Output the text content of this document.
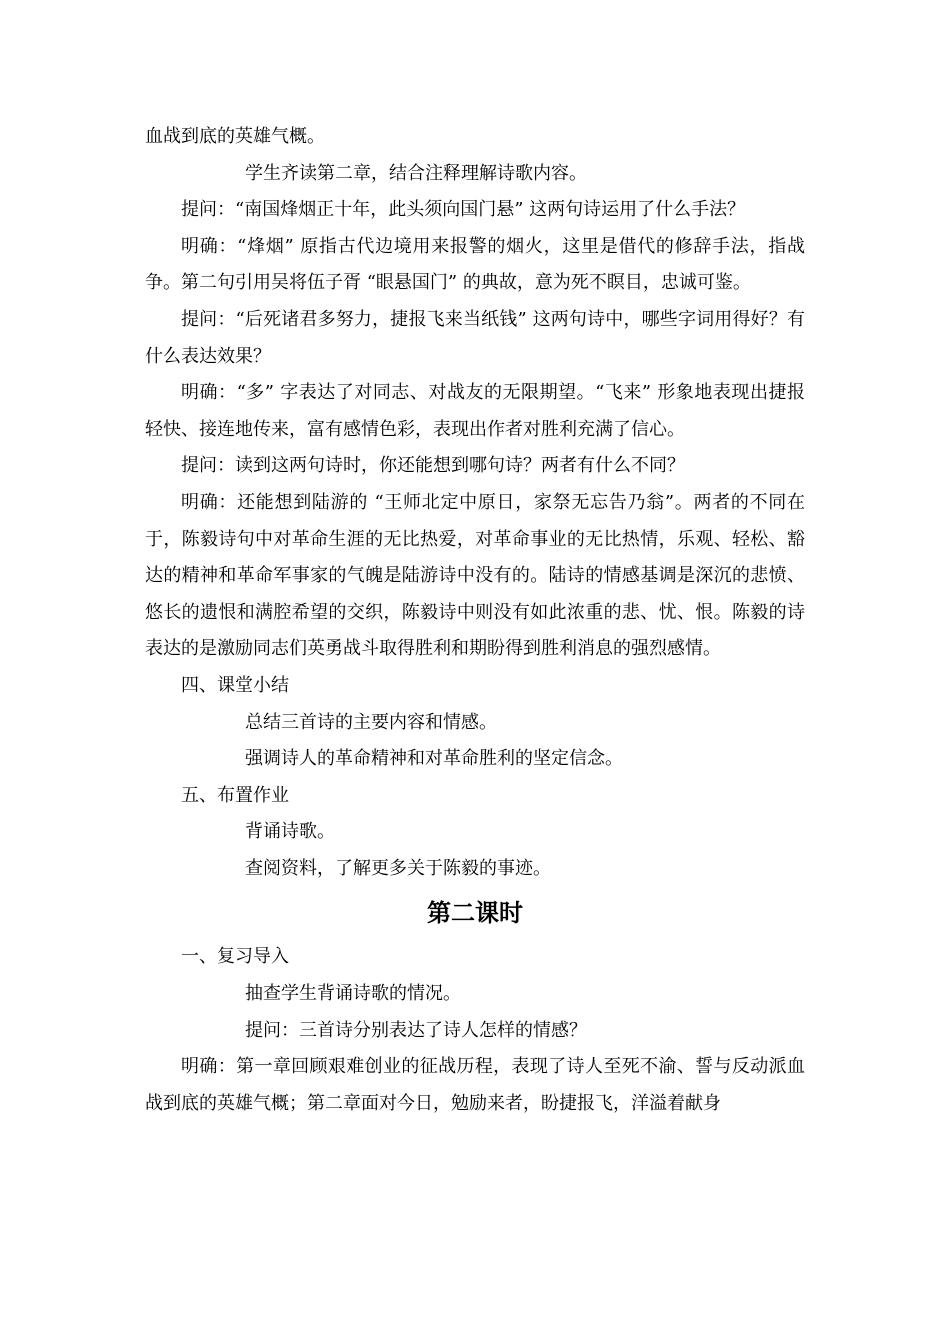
血战到底的英雄气概。

学生齐读第二章，结合注释理解诗歌内容。

提问：“南国烽烟正十年，此头须向国门悬” 这两句诗运用了什么手法？

明确：“烽烟” 原指古代边境用来报警的烟火，这里是借代的修辞手法，指战争。第二句引用吴将伍子胥 “眼悬国门” 的典故，意为死不瞑目，忠诚可鉴。

提问：“后死诸君多努力，捷报飞来当纸钱” 这两句诗中，哪些字词用得好？有什么表达效果？

明确：“多” 字表达了对同志、对战友的无限期望。“飞来” 形象地表现出捷报轻快、接连地传来，富有感情色彩，表现出作者对胜利充满了信心。

提问：读到这两句诗时，你还能想到哪句诗？两者有什么不同？

明确：还能想到陆游的 “王师北定中原日，家祭无忘告乃翁”。两者的不同在于，陈毅诗句中对革命生涯的无比热爱，对革命事业的无比热情，乐观、轻松、豁达的精神和革命军事家的气魄是陆游诗中没有的。陆诗的情感基调是深沉的悲愤、悠长的遗恨和满腔希望的交织，陈毅诗中则没有如此浓重的悲、忧、恨。陈毅的诗表达的是激励同志们英勇战斗取得胜利和期盼得到胜利消息的强烈感情。

四、课堂小结

总结三首诗的主要内容和情感。

强调诗人的革命精神和对革命胜利的坚定信念。

五、布置作业

背诵诗歌。

查阅资料，了解更多关于陈毅的事迹。

第二课时

一、复习导入

抽查学生背诵诗歌的情况。

提问：三首诗分别表达了诗人怎样的情感？

明确：第一章回顾艰难创业的征战历程，表现了诗人至死不渝、誓与反动派血战到底的英雄气概；第二章面对今日，勉励来者，盼捷报飞，洋溢着献身
